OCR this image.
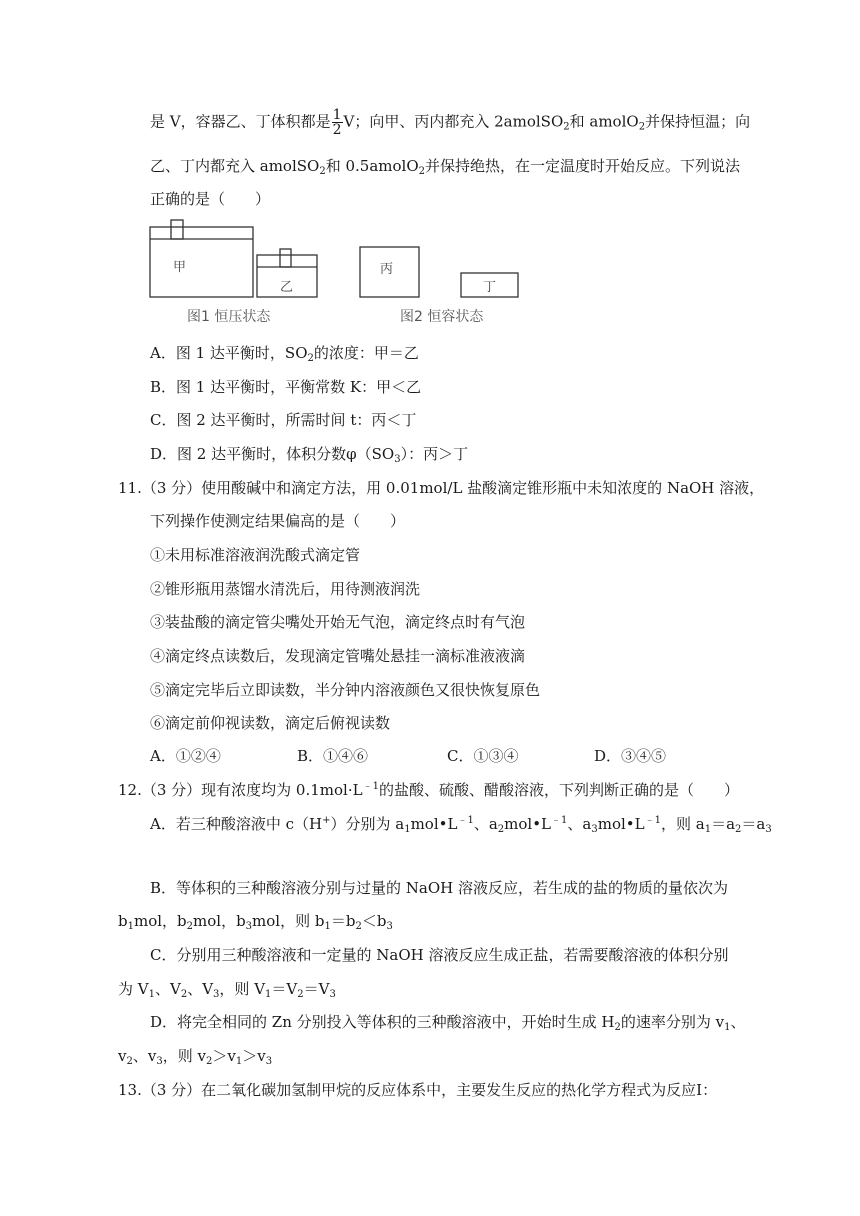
是 V，容器乙、丁体积都是 $\frac{1}{2}$ V；向甲、丙内都充入 2amolSO$_2$和 amolO$_2$并保持恒温；向
乙、丁内都充入 amolSO$_2$和 0.5amolO$_2$并保持绝热，在一定温度时开始反应。下列说法
正确的是（　　）
甲
乙
丙
丁
图1 恒压状态	图2 恒容状态
A．图 1 达平衡时，$SO_2$的浓度：甲＝乙
B．图 1 达平衡时，平衡常数 K：甲＜乙
C．图 2 达平衡时，所需时间 t：丙＜丁
D．图 2 达平衡时，体积分数$\varphi(SO_3)$：丙＞丁
11.（3 分）使用酸碱中和滴定方法，用 0.01mol/L 盐酸滴定锥形瓶中未知浓度的 NaOH 溶液，
下列操作使测定结果偏高的是（　　）
①未用标准溶液润洗酸式滴定管
②锥形瓶用蒸馏水清洗后，用待测液润洗
③装盐酸的滴定管尖嘴处开始无气泡，滴定终点时有气泡
④滴定终点读数后，发现滴定管嘴处悬挂一滴标准液液滴
⑤滴定完毕后立即读数，半分钟内溶液颜色又很快恢复原色
⑥滴定前仰视读数，滴定后俯视读数
A．①②④	B．①④⑥	C．①③④	D．③④⑤
12.（3 分）现有浓度均为 $0.1mol\cdot L^{﹣1}$的盐酸、硫酸、醋酸溶液，下列判断正确的是（　　）
A．若三种酸溶液中 c（H+）分别为 $a_1mol•L^{﹣1}$、$a_2mol•L^{﹣1}$、$a_3mol•L^{﹣1}$，则 $a_1=a_2=a_3$
B．等体积的三种酸溶液分别与过量的 NaOH 溶液反应，若生成的盐的物质的量依次为
$b_1mol$，$b_2mol$，$b_3mol$，则 $b_1=b_2<b_3$
C．分别用三种酸溶液和一定量的 NaOH 溶液反应生成正盐，若需要酸溶液的体积分别
为 $V_1$、$V_2$、$V_3$，则 $V_1=V_2=V_3$
D．将完全相同的 Zn 分别投入等体积的三种酸溶液中，开始时生成 $H_2$的速率分别为 $v_1$、
$v_2$、$v_3$，则 $v_2>v_1>v_3$
13.（3 分）在二氧化碳加氢制甲烷的反应体系中，主要发生反应的热化学方程式为反应Ⅰ：
